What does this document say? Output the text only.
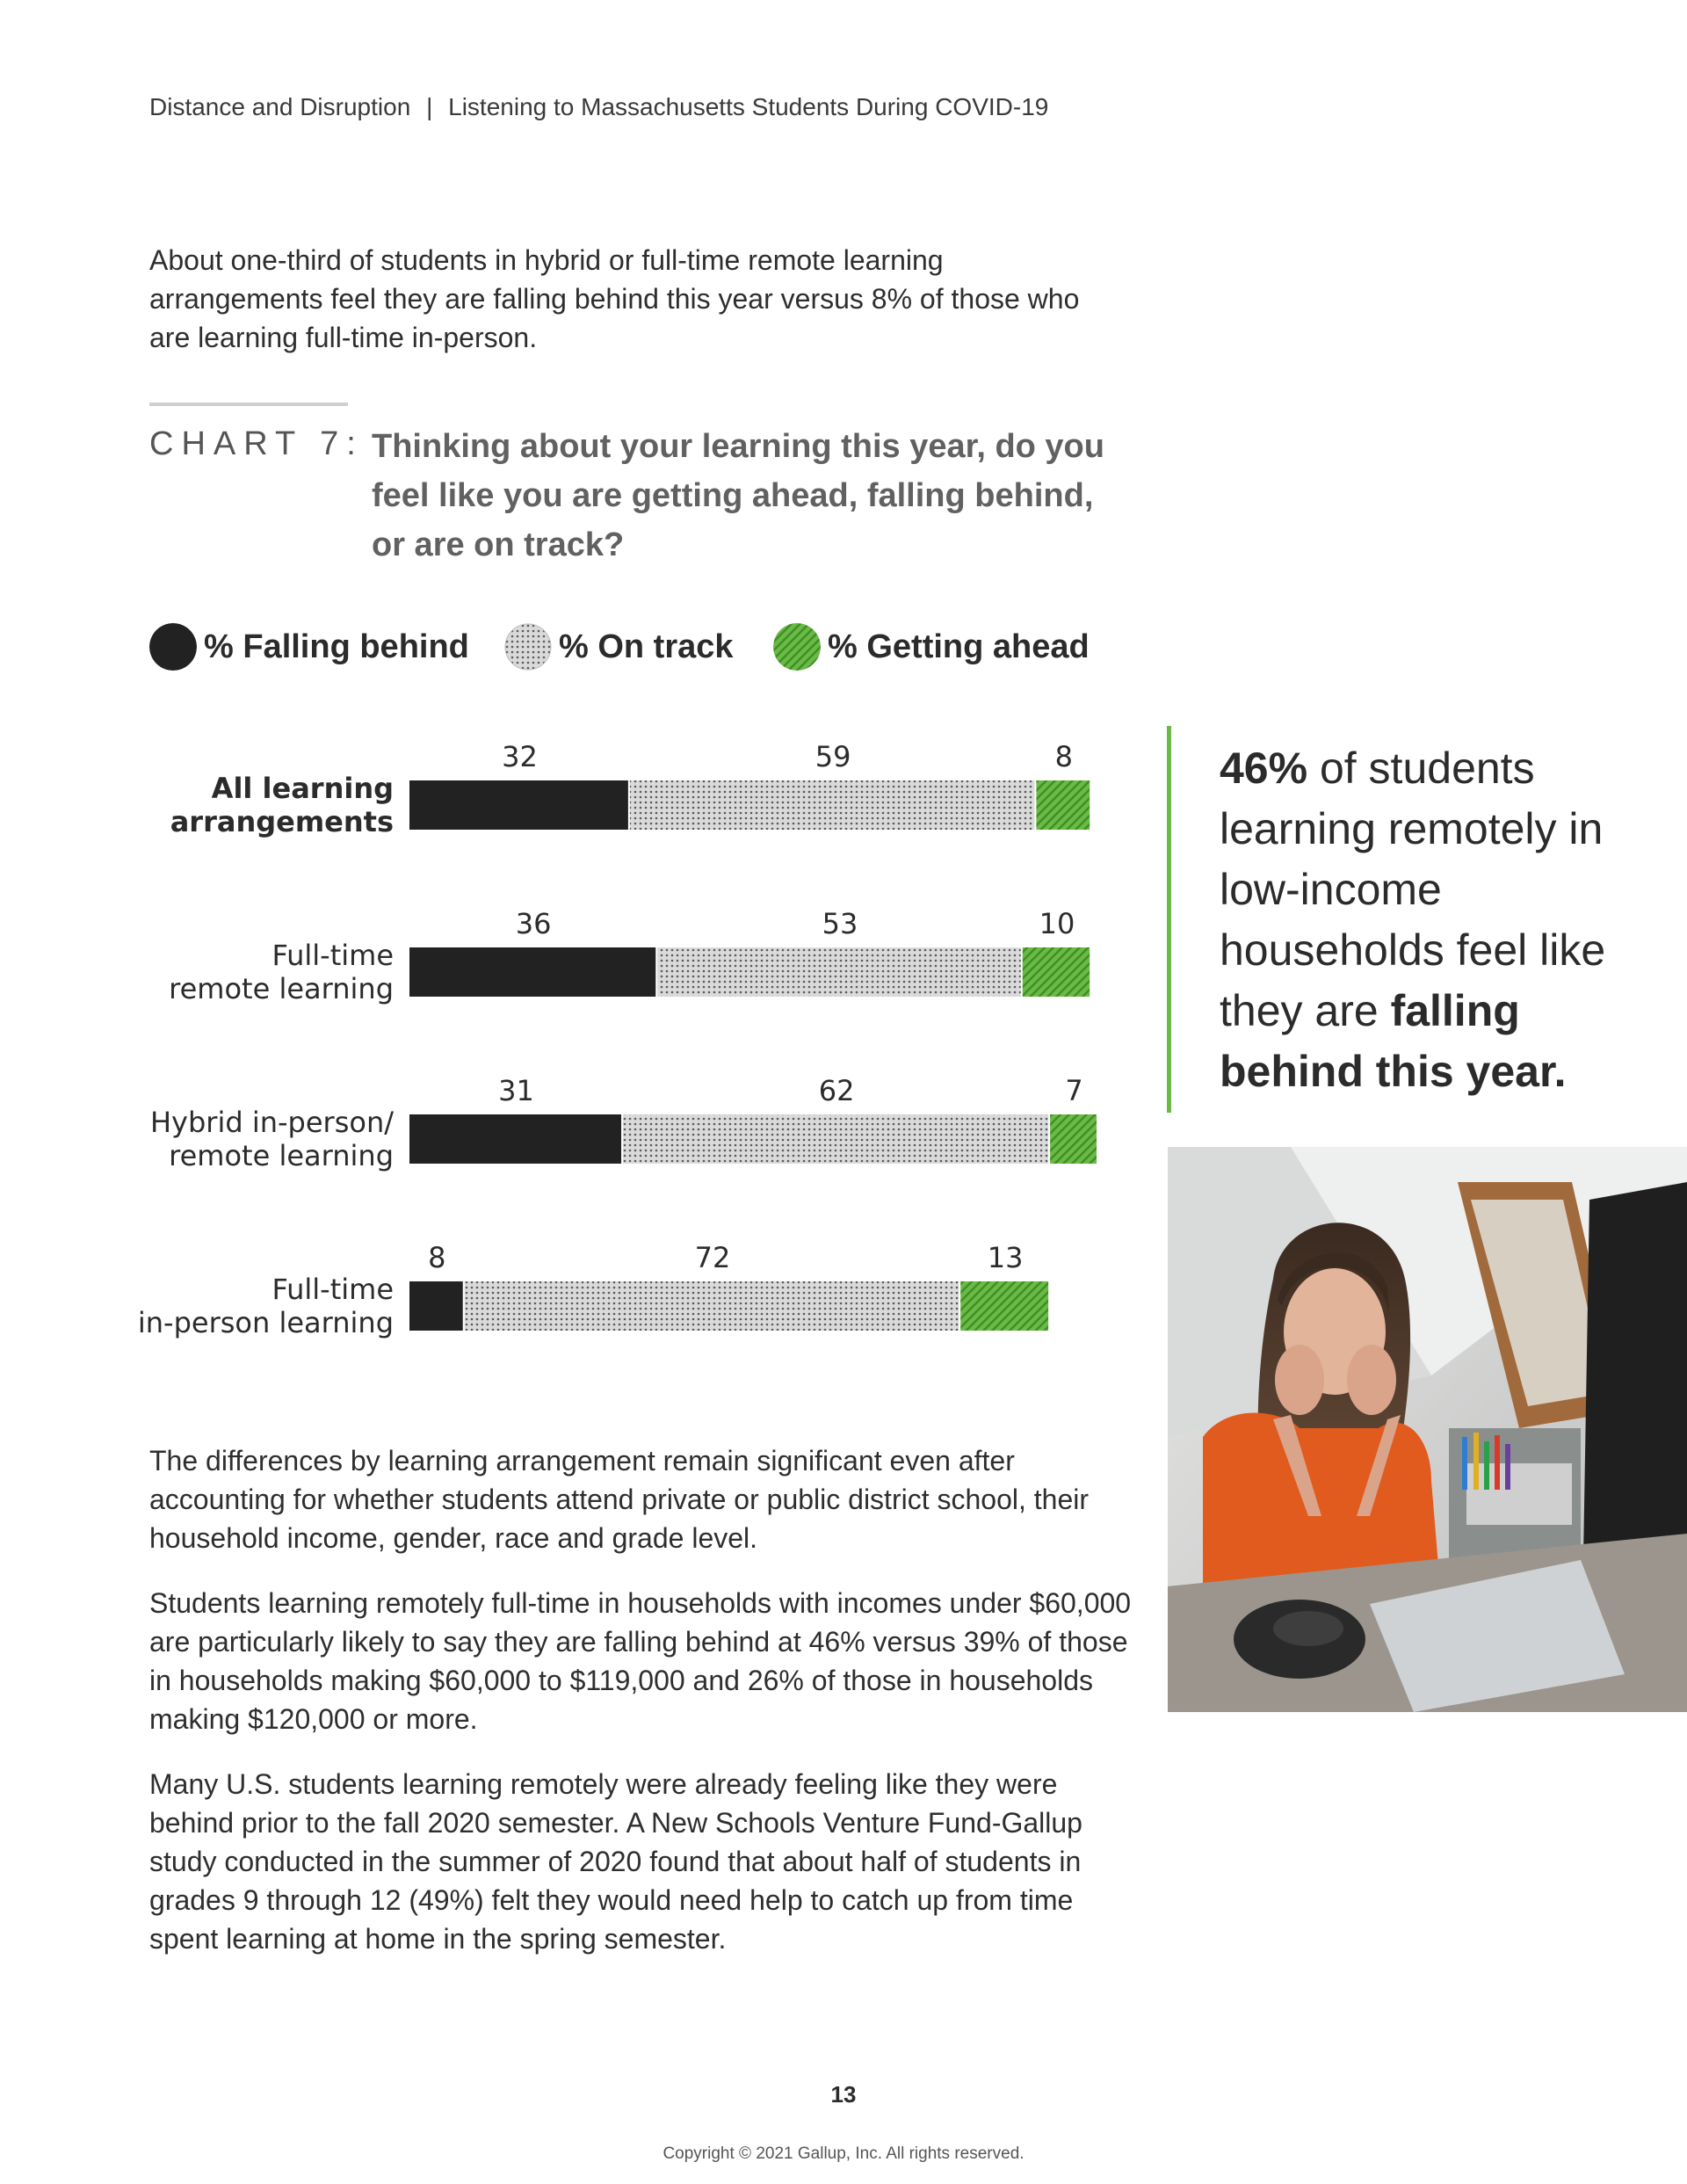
Distance and Disruption | Listening to Massachusetts Students During COVID-19

About one-third of students in hybrid or full-time remote learning arrangements feel they are falling behind this year versus 8% of those who are learning full-time in-person.

CHART 7: Thinking about your learning this year, do you feel like you are getting ahead, falling behind, or are on track?

% Falling behind	% On track	% Getting ahead
All learning arrangements
32	59	8
Full-time remote learning
36	53	10
Hybrid in-person/ remote learning
31	62	7
Full-time in-person learning
8	72	13

46% of students learning remotely in low-income households feel like they are falling behind this year.

The differences by learning arrangement remain significant even after accounting for whether students attend private or public district school, their household income, gender, race and grade level.

Students learning remotely full-time in households with incomes under $60,000 are particularly likely to say they are falling behind at 46% versus 39% of those in households making $60,000 to $119,000 and 26% of those in households making $120,000 or more.

Many U.S. students learning remotely were already feeling like they were behind prior to the fall 2020 semester. A New Schools Venture Fund-Gallup study conducted in the summer of 2020 found that about half of students in grades 9 through 12 (49%) felt they would need help to catch up from time spent learning at home in the spring semester.

13
Copyright © 2021 Gallup, Inc. All rights reserved.
